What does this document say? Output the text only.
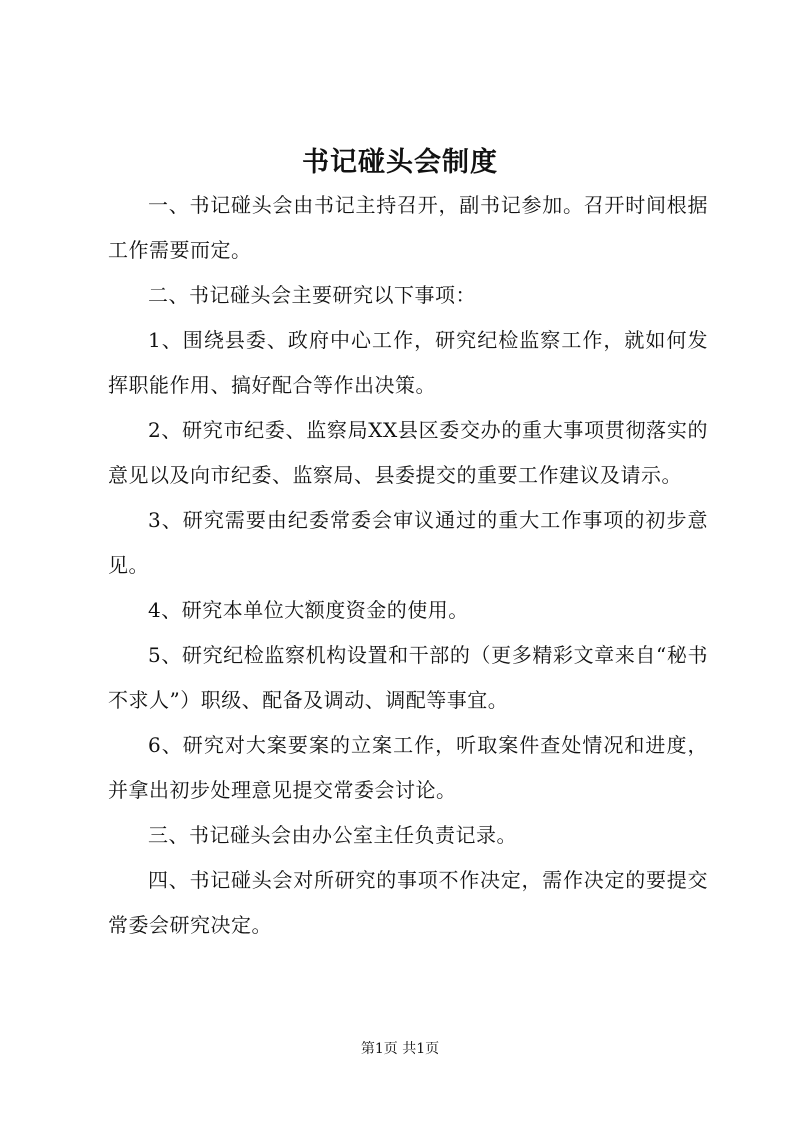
书记碰头会制度

一、书记碰头会由书记主持召开，副书记参加。召开时间根据工作需要而定。

二、书记碰头会主要研究以下事项：

1、围绕县委、政府中心工作，研究纪检监察工作，就如何发挥职能作用、搞好配合等作出决策。

2、研究市纪委、监察局XX县区委交办的重大事项贯彻落实的意见以及向市纪委、监察局、县委提交的重要工作建议及请示。

3、研究需要由纪委常委会审议通过的重大工作事项的初步意见。

4、研究本单位大额度资金的使用。

5、研究纪检监察机构设置和干部的（更多精彩文章来自“秘书不求人”）职级、配备及调动、调配等事宜。

6、研究对大案要案的立案工作，听取案件查处情况和进度，并拿出初步处理意见提交常委会讨论。

三、书记碰头会由办公室主任负责记录。

四、书记碰头会对所研究的事项不作决定，需作决定的要提交常委会研究决定。

第1页 共1页
